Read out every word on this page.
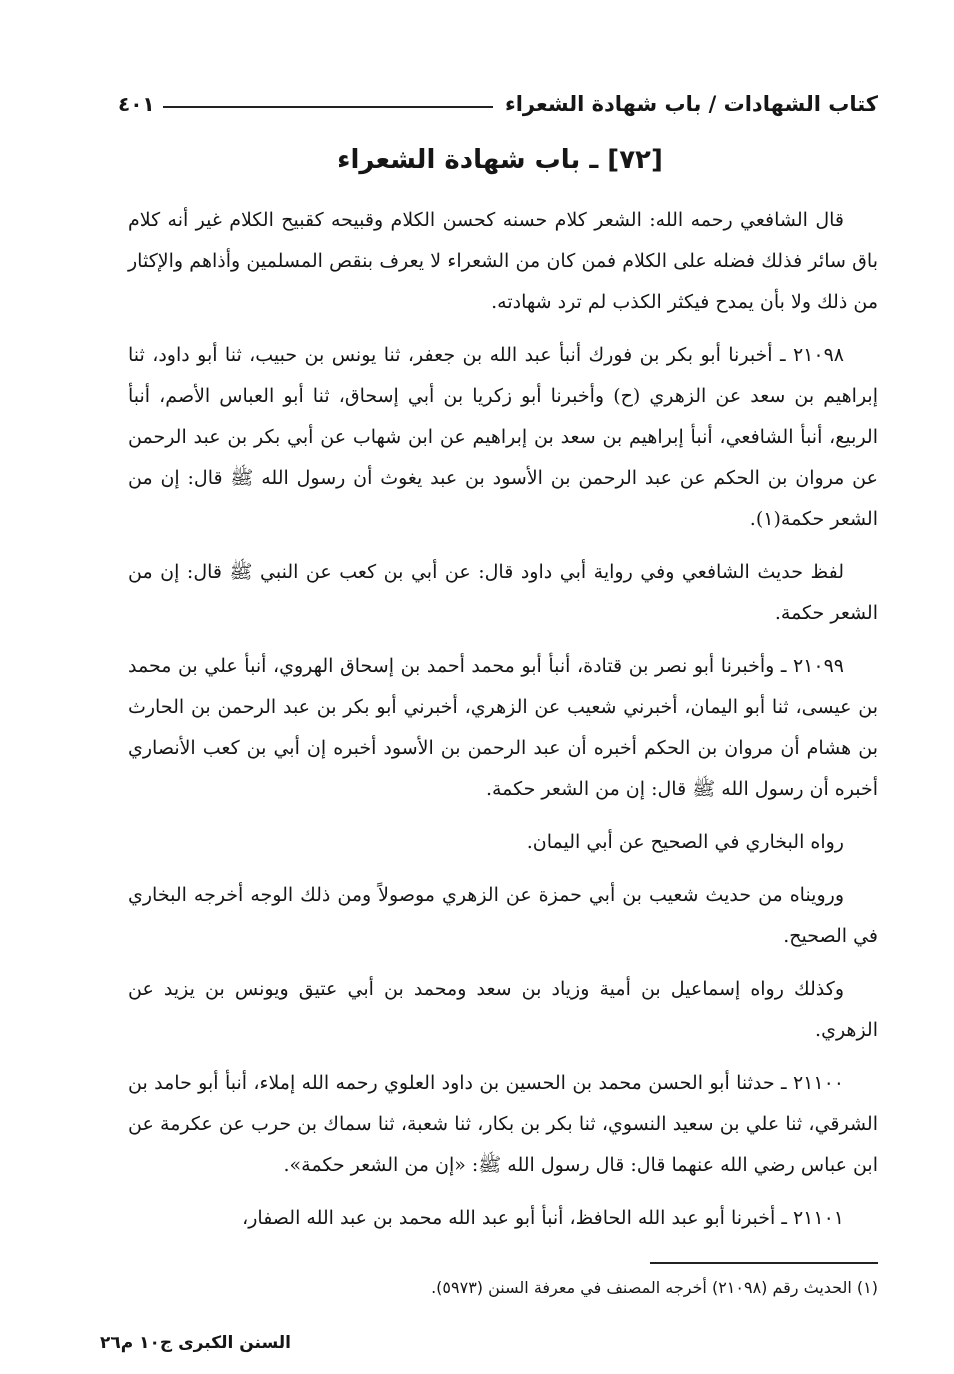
كتاب الشهادات / باب شهادة الشعراء
٤٠١
[٧٢] ـ باب شهادة الشعراء

قال الشافعي رحمه الله: الشعر كلام حسنه كحسن الكلام وقبيحه كقبيح الكلام غير أنه كلام باق سائر فذلك فضله على الكلام فمن كان من الشعراء لا يعرف بنقص المسلمين وأذاهم والإكثار من ذلك ولا بأن يمدح فيكثر الكذب لم ترد شهادته.

٢١٠٩٨ ـ أخبرنا أبو بكر بن فورك أنبأ عبد الله بن جعفر، ثنا يونس بن حبيب، ثنا أبو داود، ثنا إبراهيم بن سعد عن الزهري (ح) وأخبرنا أبو زكريا بن أبي إسحاق، ثنا أبو العباس الأصم، أنبأ الربيع، أنبأ الشافعي، أنبأ إبراهيم بن سعد بن إبراهيم عن ابن شهاب عن أبي بكر بن عبد الرحمن عن مروان بن الحكم عن عبد الرحمن بن الأسود بن عبد يغوث أن رسول الله ﷺ قال: إن من الشعر حكمة(١).

لفظ حديث الشافعي وفي رواية أبي داود قال: عن أبي بن كعب عن النبي ﷺ قال: إن من الشعر حكمة.

٢١٠٩٩ ـ وأخبرنا أبو نصر بن قتادة، أنبأ أبو محمد أحمد بن إسحاق الهروي، أنبأ علي بن محمد بن عيسى، ثنا أبو اليمان، أخبرني شعيب عن الزهري، أخبرني أبو بكر بن عبد الرحمن بن الحارث بن هشام أن مروان بن الحكم أخبره أن عبد الرحمن بن الأسود أخبره إن أبي بن كعب الأنصاري أخبره أن رسول الله ﷺ قال: إن من الشعر حكمة.

رواه البخاري في الصحيح عن أبي اليمان.

ورويناه من حديث شعيب بن أبي حمزة عن الزهري موصولاً ومن ذلك الوجه أخرجه البخاري في الصحيح.

وكذلك رواه إسماعيل بن أمية وزياد بن سعد ومحمد بن أبي عتيق ويونس بن يزيد عن الزهري.

٢١١٠٠ ـ حدثنا أبو الحسن محمد بن الحسين بن داود العلوي رحمه الله إملاء، أنبأ أبو حامد بن الشرقي، ثنا علي بن سعيد النسوي، ثنا بكر بن بكار، ثنا شعبة، ثنا سماك بن حرب عن عكرمة عن ابن عباس رضي الله عنهما قال: قال رسول الله ﷺ: «إن من الشعر حكمة».

٢١١٠١ ـ أخبرنا أبو عبد الله الحافظ، أنبأ أبو عبد الله محمد بن عبد الله الصفار،

(١) الحديث رقم (٢١٠٩٨) أخرجه المصنف في معرفة السنن (٥٩٧٣).
السنن الكبرى ج١٠ م٢٦
